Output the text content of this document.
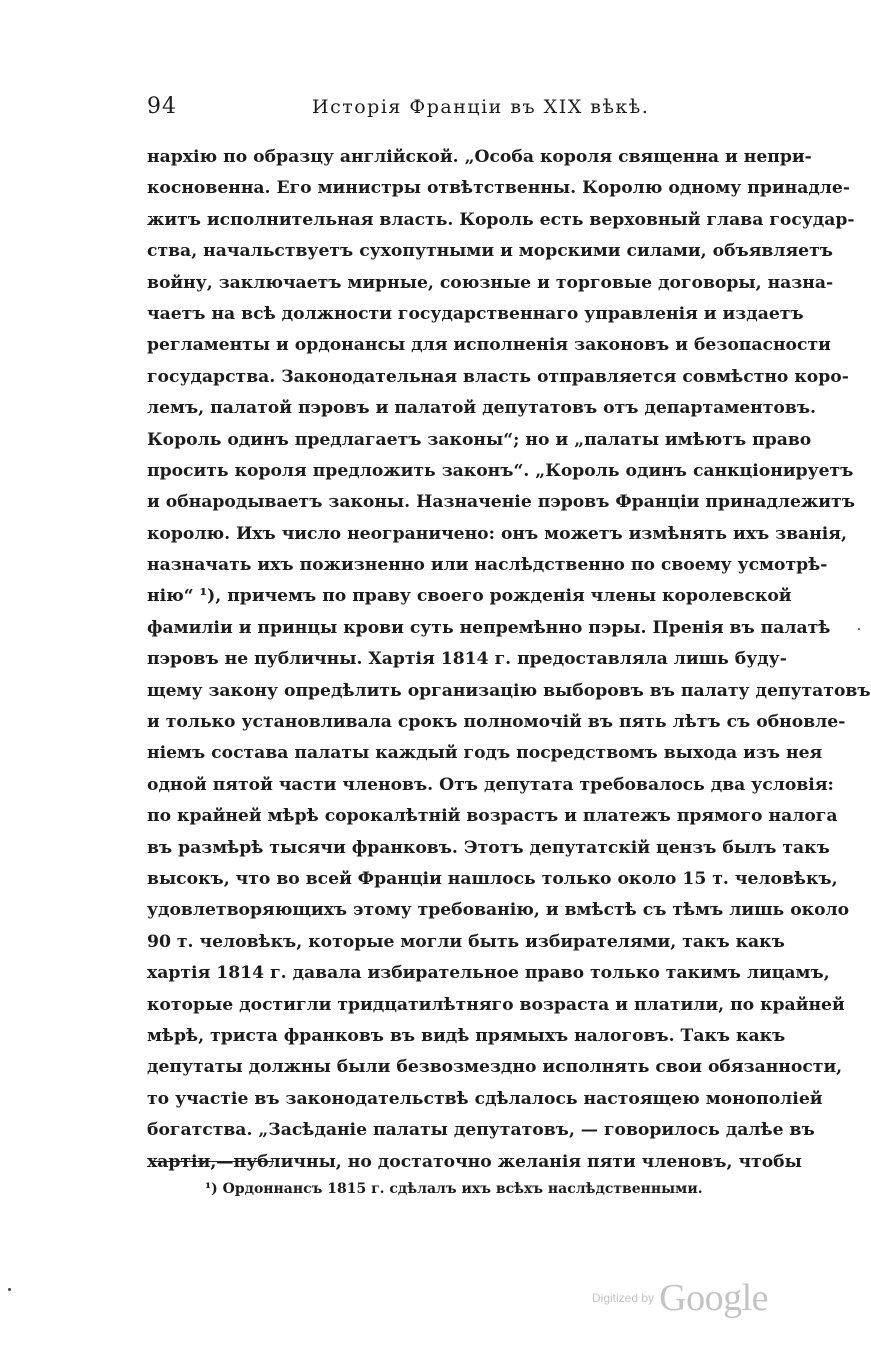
94	Исторія Франціи въ XIX вѣкѣ.
нархію по образцу англійской. „Особа короля священна и непри-
косновенна. Его министры отвѣтственны. Королю одному принадле-
житъ исполнительная власть. Король есть верховный глава государ-
ства, начальствуетъ сухопутными и морскими силами, объявляетъ
войну, заключаетъ мирные, союзные и торговые договоры, назна-
чаетъ на всѣ должности государственнаго управленія и издаетъ
регламенты и ордонансы для исполненія законовъ и безопасности
государства. Законодательная власть отправляется совмѣстно коро-
лемъ, палатой пэровъ и палатой депутатовъ отъ департаментовъ.
Король одинъ предлагаетъ законы“; но и „палаты имѣютъ право
просить короля предложить законъ“. „Король одинъ санкціонируетъ
и обнародываетъ законы. Назначеніе пэровъ Франціи принадлежитъ
королю. Ихъ число неограничено: онъ можетъ измѣнять ихъ званія,
назначать ихъ пожизненно или наслѣдственно по своему усмотрѣ-
нію“ ¹), причемъ по праву своего рожденія члены королевской
фамиліи и принцы крови суть непремѣнно пэры. Пренія въ палатѣ
пэровъ не публичны. Хартія 1814 г. предоставляла лишь буду-
щему закону опредѣлить организацію выборовъ въ палату депутатовъ
и только установливала срокъ полномочій въ пять лѣтъ съ обновле-
ніемъ состава палаты каждый годъ посредствомъ выхода изъ нея
одной пятой части членовъ. Отъ депутата требовалось два условія:
по крайней мѣрѣ сорокалѣтній возрастъ и платежъ прямого налога
въ размѣрѣ тысячи франковъ. Этотъ депутатскій цензъ былъ такъ
высокъ, что во всей Франціи нашлось только около 15 т. человѣкъ,
удовлетворяющихъ этому требованію, и вмѣстѣ съ тѣмъ лишь около
90 т. человѣкъ, которые могли быть избирателями, такъ какъ
хартія 1814 г. давала избирательное право только такимъ лицамъ,
которые достигли тридцатилѣтняго возраста и платили, по крайней
мѣрѣ, триста франковъ въ видѣ прямыхъ налоговъ. Такъ какъ
депутаты должны были безвозмездно исполнять свои обязанности,
то участіе въ законодательствѣ сдѣлалось настоящею монополіей
богатства. „Засѣданіе палаты депутатовъ, — говорилось далѣе въ
хартіи,—публичны, но достаточно желанія пяти членовъ, чтобы
¹) Ордоннансъ 1815 г. сдѣлалъ ихъ всѣхъ наслѣдственными.
Digitized by Google
